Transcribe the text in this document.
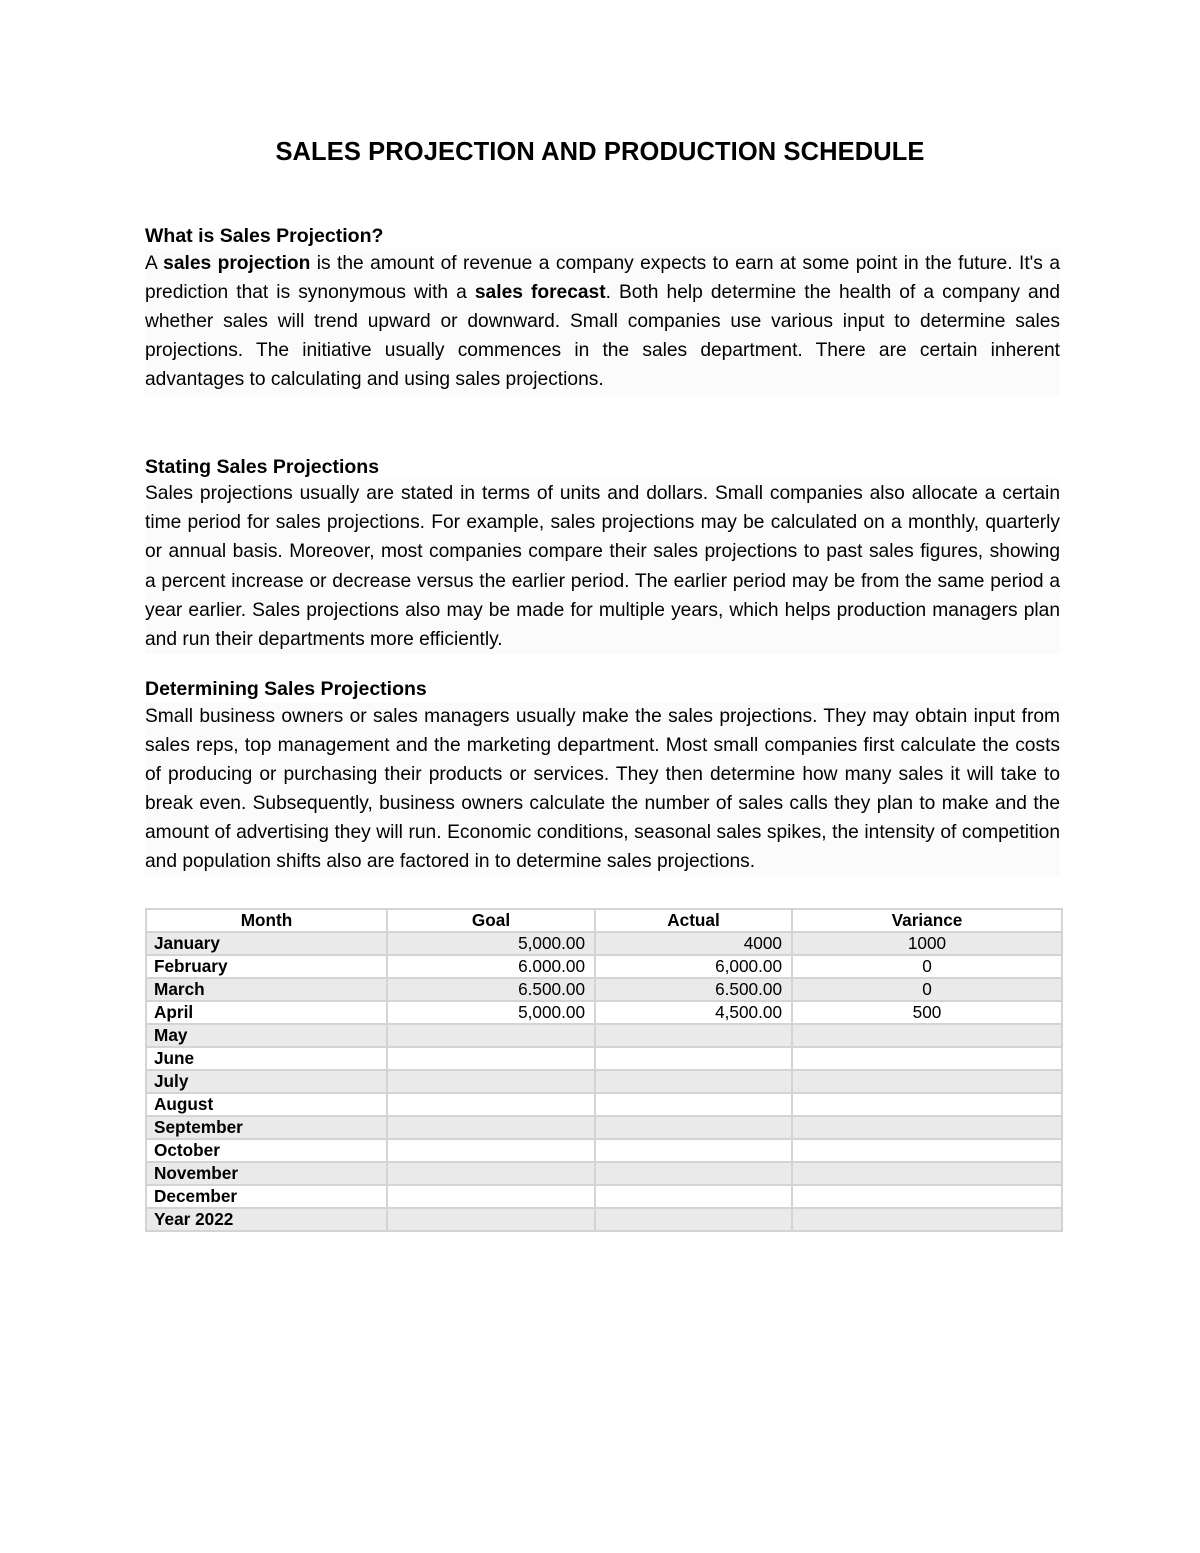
SALES PROJECTION AND PRODUCTION SCHEDULE
What is Sales Projection?

A sales projection is the amount of revenue a company expects to earn at some point in the future. It's a prediction that is synonymous with a sales forecast. Both help determine the health of a company and whether sales will trend upward or downward. Small companies use various input to determine sales projections. The initiative usually commences in the sales department. There are certain inherent advantages to calculating and using sales projections.

Stating Sales Projections

Sales projections usually are stated in terms of units and dollars. Small companies also allocate a certain time period for sales projections. For example, sales projections may be calculated on a monthly, quarterly or annual basis. Moreover, most companies compare their sales projections to past sales figures, showing a percent increase or decrease versus the earlier period. The earlier period may be from the same period a year earlier. Sales projections also may be made for multiple years, which helps production managers plan and run their departments more efficiently.

Determining Sales Projections

Small business owners or sales managers usually make the sales projections. They may obtain input from sales reps, top management and the marketing department. Most small companies first calculate the costs of producing or purchasing their products or services. They then determine how many sales it will take to break even. Subsequently, business owners calculate the number of sales calls they plan to make and the amount of advertising they will run. Economic conditions, seasonal sales spikes, the intensity of competition and population shifts also are factored in to determine sales projections.

Month	Goal	Actual	Variance
January	5,000.00	4000	1000
February	6.000.00	6,000.00	0
March	6.500.00	6.500.00	0
April	5,000.00	4,500.00	500
May			
June			
July			
August			
September			
October			
November			
December			
Year 2022			
